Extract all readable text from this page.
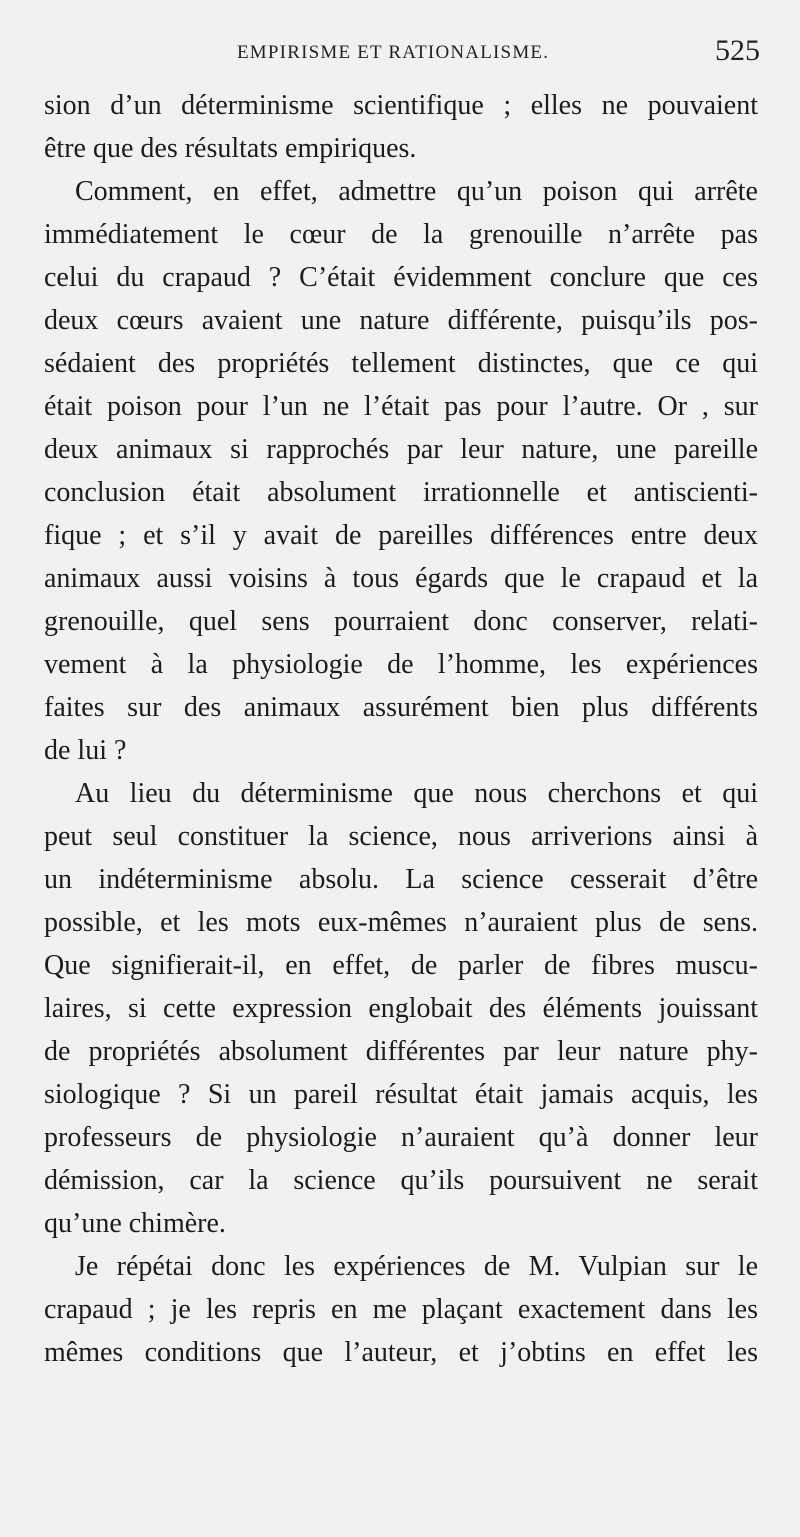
EMPIRISME ET RATIONALISME.	525
sion d’un déterminisme scientifique ; elles ne pouvaient
être que des résultats empiriques.
Comment, en effet, admettre qu’un poison qui arrête
immédiatement le cœur de la grenouille n’arrête pas
celui du crapaud ? C’était évidemment conclure que ces
deux cœurs avaient une nature différente, puisqu’ils pos-
sédaient des propriétés tellement distinctes, que ce qui
était poison pour l’un ne l’était pas pour l’autre. Or , sur
deux animaux si rapprochés par leur nature, une pareille
conclusion était absolument irrationnelle et antiscienti-
fique ; et s’il y avait de pareilles différences entre deux
animaux aussi voisins à tous égards que le crapaud et la
grenouille, quel sens pourraient donc conserver, relati-
vement à la physiologie de l’homme, les expériences
faites sur des animaux assurément bien plus différents
de lui ?
Au lieu du déterminisme que nous cherchons et qui
peut seul constituer la science, nous arriverions ainsi à
un indéterminisme absolu. La science cesserait d’être
possible, et les mots eux-mêmes n’auraient plus de sens.
Que signifierait-il, en effet, de parler de fibres muscu-
laires, si cette expression englobait des éléments jouissant
de propriétés absolument différentes par leur nature phy-
siologique ? Si un pareil résultat était jamais acquis, les
professeurs de physiologie n’auraient qu’à donner leur
démission, car la science qu’ils poursuivent ne serait
qu’une chimère.
Je répétai donc les expériences de M. Vulpian sur le
crapaud ; je les repris en me plaçant exactement dans les
mêmes conditions que l’auteur, et j’obtins en effet les
